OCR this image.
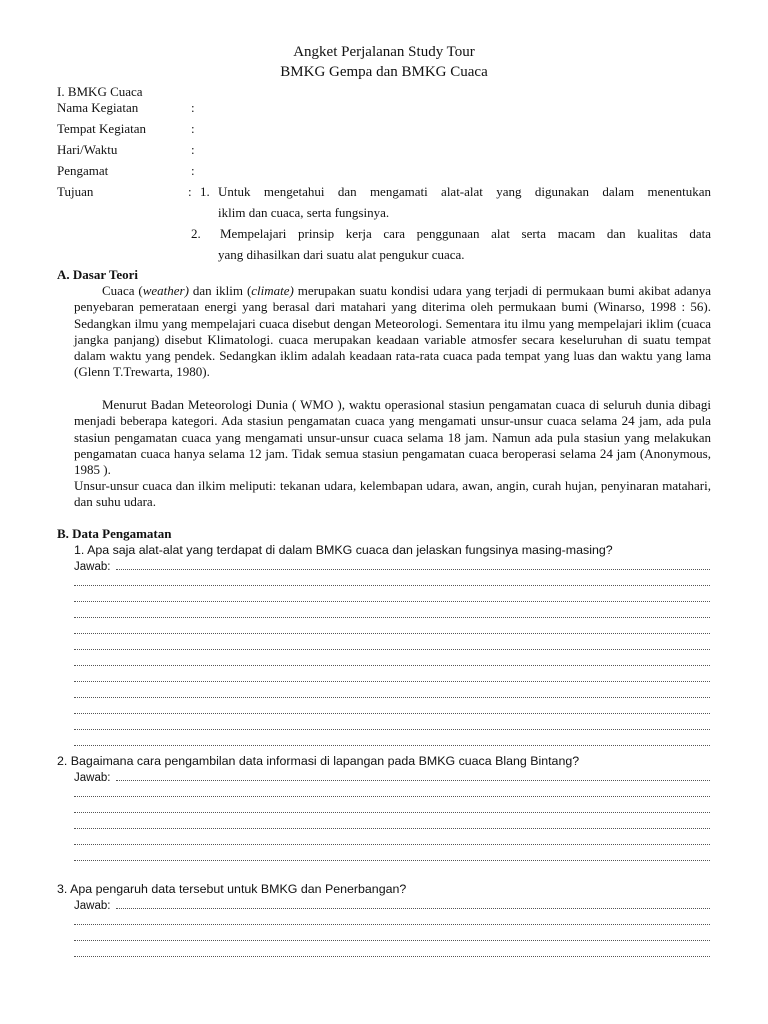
Angket Perjalanan Study Tour
BMKG Gempa dan BMKG Cuaca
I. BMKG Cuaca
Nama Kegiatan	:
Tempat Kegiatan	:
Hari/Waktu	:
Pengamat	:
Tujuan	: 1. Untuk mengetahui dan mengamati alat-alat yang digunakan dalam menentukan
iklim dan cuaca, serta fungsinya.
2. Mempelajari prinsip kerja cara penggunaan alat serta macam dan kualitas data
yang dihasilkan dari suatu alat pengukur cuaca.
A. Dasar Teori
Cuaca (weather) dan iklim (climate) merupakan suatu kondisi udara yang terjadi di permukaan bumi akibat adanya penyebaran pemerataan energi yang berasal dari matahari yang diterima oleh permukaan bumi (Winarso, 1998 : 56). Sedangkan ilmu yang mempelajari cuaca disebut dengan Meteorologi. Sementara itu ilmu yang mempelajari iklim (cuaca jangka panjang) disebut Klimatologi. cuaca merupakan keadaan variable atmosfer secara keseluruhan di suatu tempat dalam waktu yang pendek. Sedangkan iklim adalah keadaan rata-rata cuaca pada tempat yang luas dan waktu yang lama (Glenn T.Trewarta, 1980).
Menurut Badan Meteorologi Dunia ( WMO ), waktu operasional stasiun pengamatan cuaca di seluruh dunia dibagi menjadi beberapa kategori. Ada stasiun pengamatan cuaca yang mengamati unsur-unsur cuaca selama 24 jam, ada pula stasiun pengamatan cuaca yang mengamati unsur-unsur cuaca selama 18 jam. Namun ada pula stasiun yang melakukan pengamatan cuaca hanya selama 12 jam. Tidak semua stasiun pengamatan cuaca beroperasi selama 24 jam (Anonymous, 1985 ).
Unsur-unsur cuaca dan ilkim meliputi: tekanan udara, kelembapan udara, awan, angin, curah hujan, penyinaran matahari, dan suhu udara.
B. Data Pengamatan
1. Apa saja alat-alat yang terdapat di dalam BMKG cuaca dan jelaskan fungsinya masing-masing?
Jawab:
2. Bagaimana cara pengambilan data informasi di lapangan pada BMKG cuaca Blang Bintang?
Jawab:
3. Apa pengaruh data tersebut untuk BMKG dan Penerbangan?
Jawab:
